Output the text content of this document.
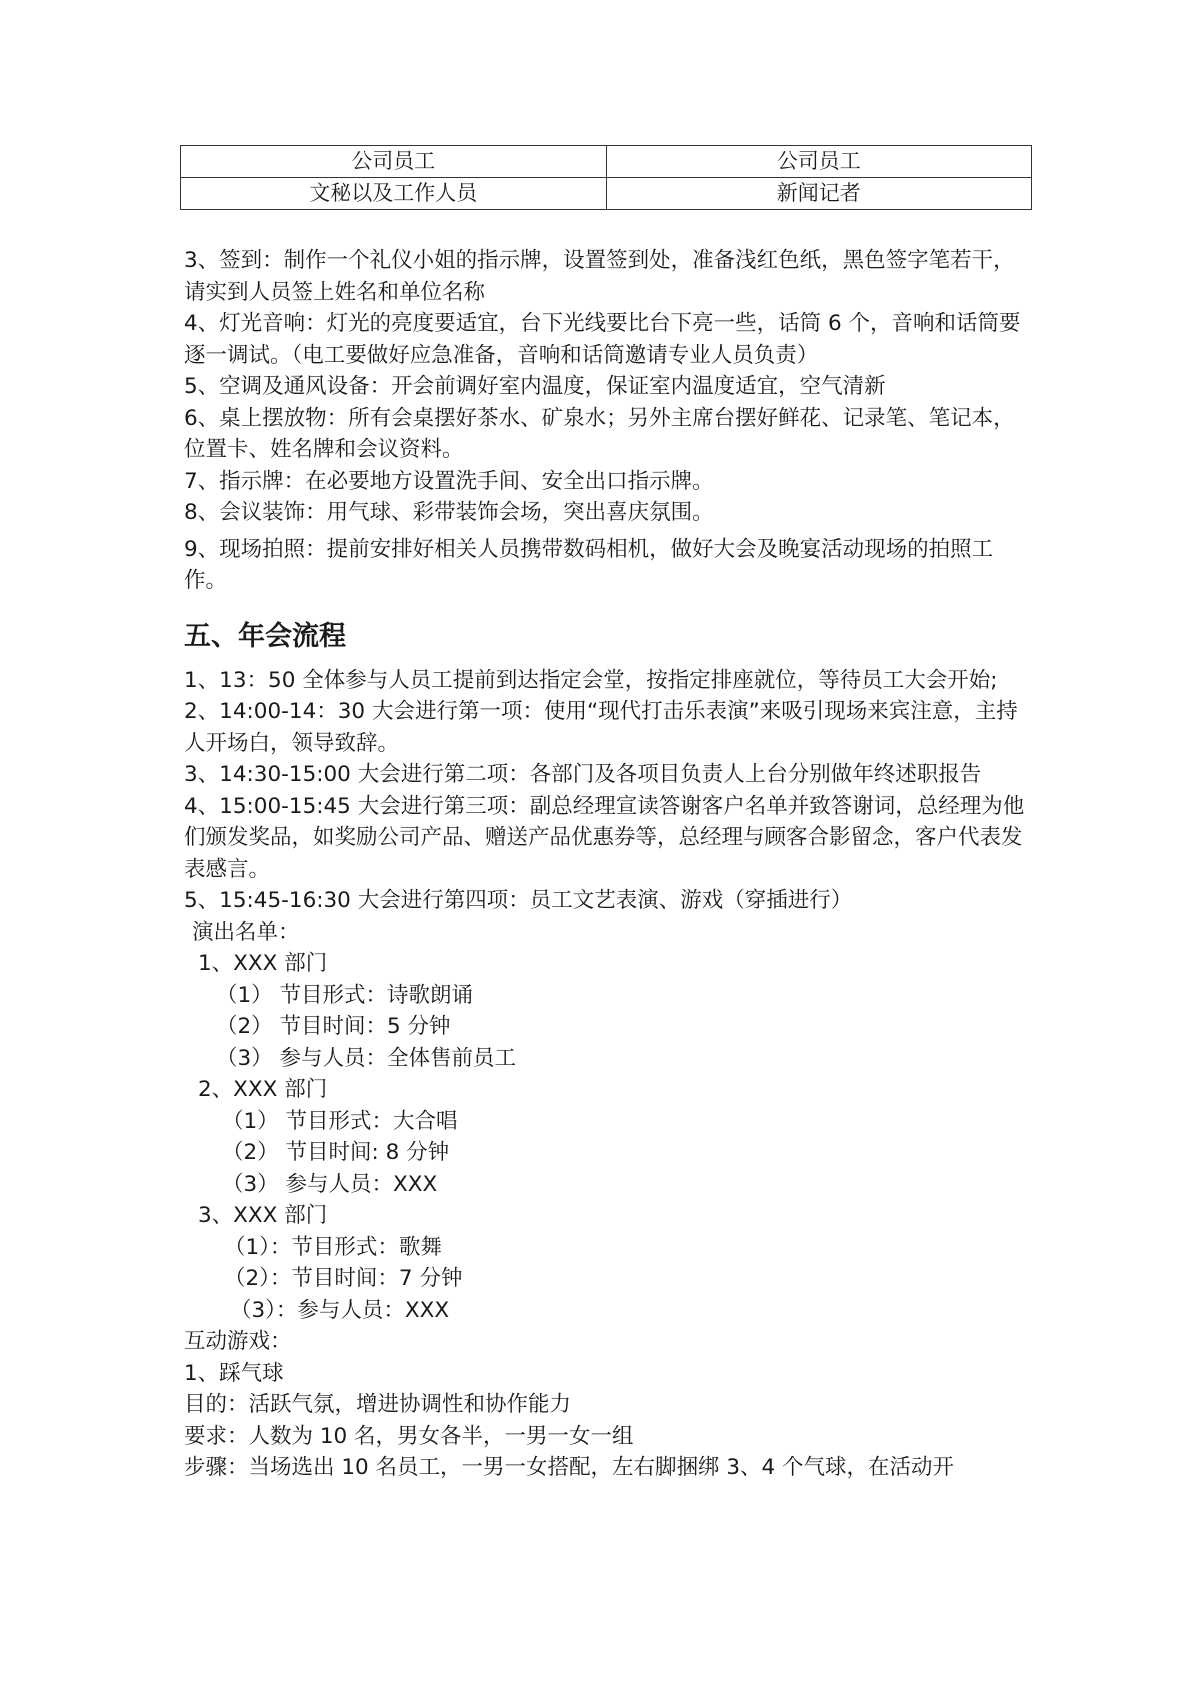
公司员工	公司员工
文秘以及工作人员	新闻记者

3、签到：制作一个礼仪小姐的指示牌，设置签到处，准备浅红色纸，黑色签字笔若干，请实到人员签上姓名和单位名称

4、灯光音响：灯光的亮度要适宜，台下光线要比台下亮一些，话筒 6 个，音响和话筒要逐一调试。（电工要做好应急准备，音响和话筒邀请专业人员负责）

5、空调及通风设备：开会前调好室内温度，保证室内温度适宜，空气清新

6、桌上摆放物：所有会桌摆好茶水、矿泉水；另外主席台摆好鲜花、记录笔、笔记本，位置卡、姓名牌和会议资料。

7、指示牌：在必要地方设置洗手间、安全出口指示牌。

8、会议装饰：用气球、彩带装饰会场，突出喜庆氛围。

9、现场拍照：提前安排好相关人员携带数码相机，做好大会及晚宴活动现场的拍照工作。

五、年会流程

1、13：50 全体参与人员工提前到达指定会堂，按指定排座就位，等待员工大会开始;

2、14:00-14：30 大会进行第一项：使用“现代打击乐表演”来吸引现场来宾注意，主持人开场白，领导致辞。

3、14:30-15:00 大会进行第二项：各部门及各项目负责人上台分别做年终述职报告

4、15:00-15:45 大会进行第三项：副总经理宣读答谢客户名单并致答谢词，总经理为他们颁发奖品，如奖励公司产品、赠送产品优惠券等，总经理与顾客合影留念，客户代表发表感言。

5、15:45-16:30 大会进行第四项：员工文艺表演、游戏（穿插进行）

演出名单：

1、XXX 部门

（1） 节目形式：诗歌朗诵

（2） 节目时间：5 分钟

（3） 参与人员：全体售前员工

2、XXX 部门

（1） 节目形式：大合唱

（2） 节目时间: 8 分钟

（3） 参与人员：XXX

3、XXX 部门

（1）：节目形式：歌舞

（2）：节目时间：7 分钟

（3）：参与人员：XXX

互动游戏：

1、踩气球

目的：活跃气氛，增进协调性和协作能力

要求：人数为 10 名，男女各半，一男一女一组

步骤：当场选出 10 名员工，一男一女搭配，左右脚捆绑 3、4 个气球，在活动开
